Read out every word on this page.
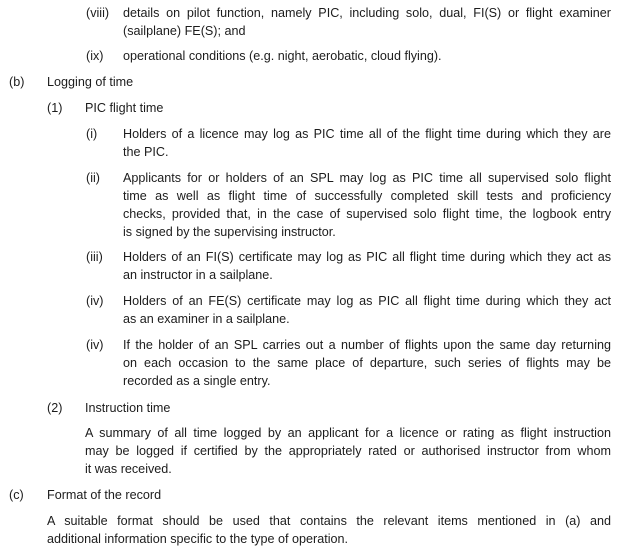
(viii) details on pilot function, namely PIC, including solo, dual, FI(S) or flight examiner
(sailplane) FE(S); and
(ix) operational conditions (e.g. night, aerobatic, cloud flying).
(b) Logging of time
(1) PIC flight time
(i) Holders of a licence may log as PIC time all of the flight time during which they are
the PIC.
(ii) Applicants for or holders of an SPL may log as PIC time all supervised solo flight
time as well as flight time of successfully completed skill tests and proficiency
checks, provided that, in the case of supervised solo flight time, the logbook entry
is signed by the supervising instructor.
(iii) Holders of an FI(S) certificate may log as PIC all flight time during which they act as
an instructor in a sailplane.
(iv) Holders of an FE(S) certificate may log as PIC all flight time during which they act
as an examiner in a sailplane.
(iv) If the holder of an SPL carries out a number of flights upon the same day returning
on each occasion to the same place of departure, such series of flights may be
recorded as a single entry.
(2) Instruction time
A summary of all time logged by an applicant for a licence or rating as flight instruction
may be logged if certified by the appropriately rated or authorised instructor from whom
it was received.
(c) Format of the record
A suitable format should be used that contains the relevant items mentioned in (a) and
additional information specific to the type of operation.
